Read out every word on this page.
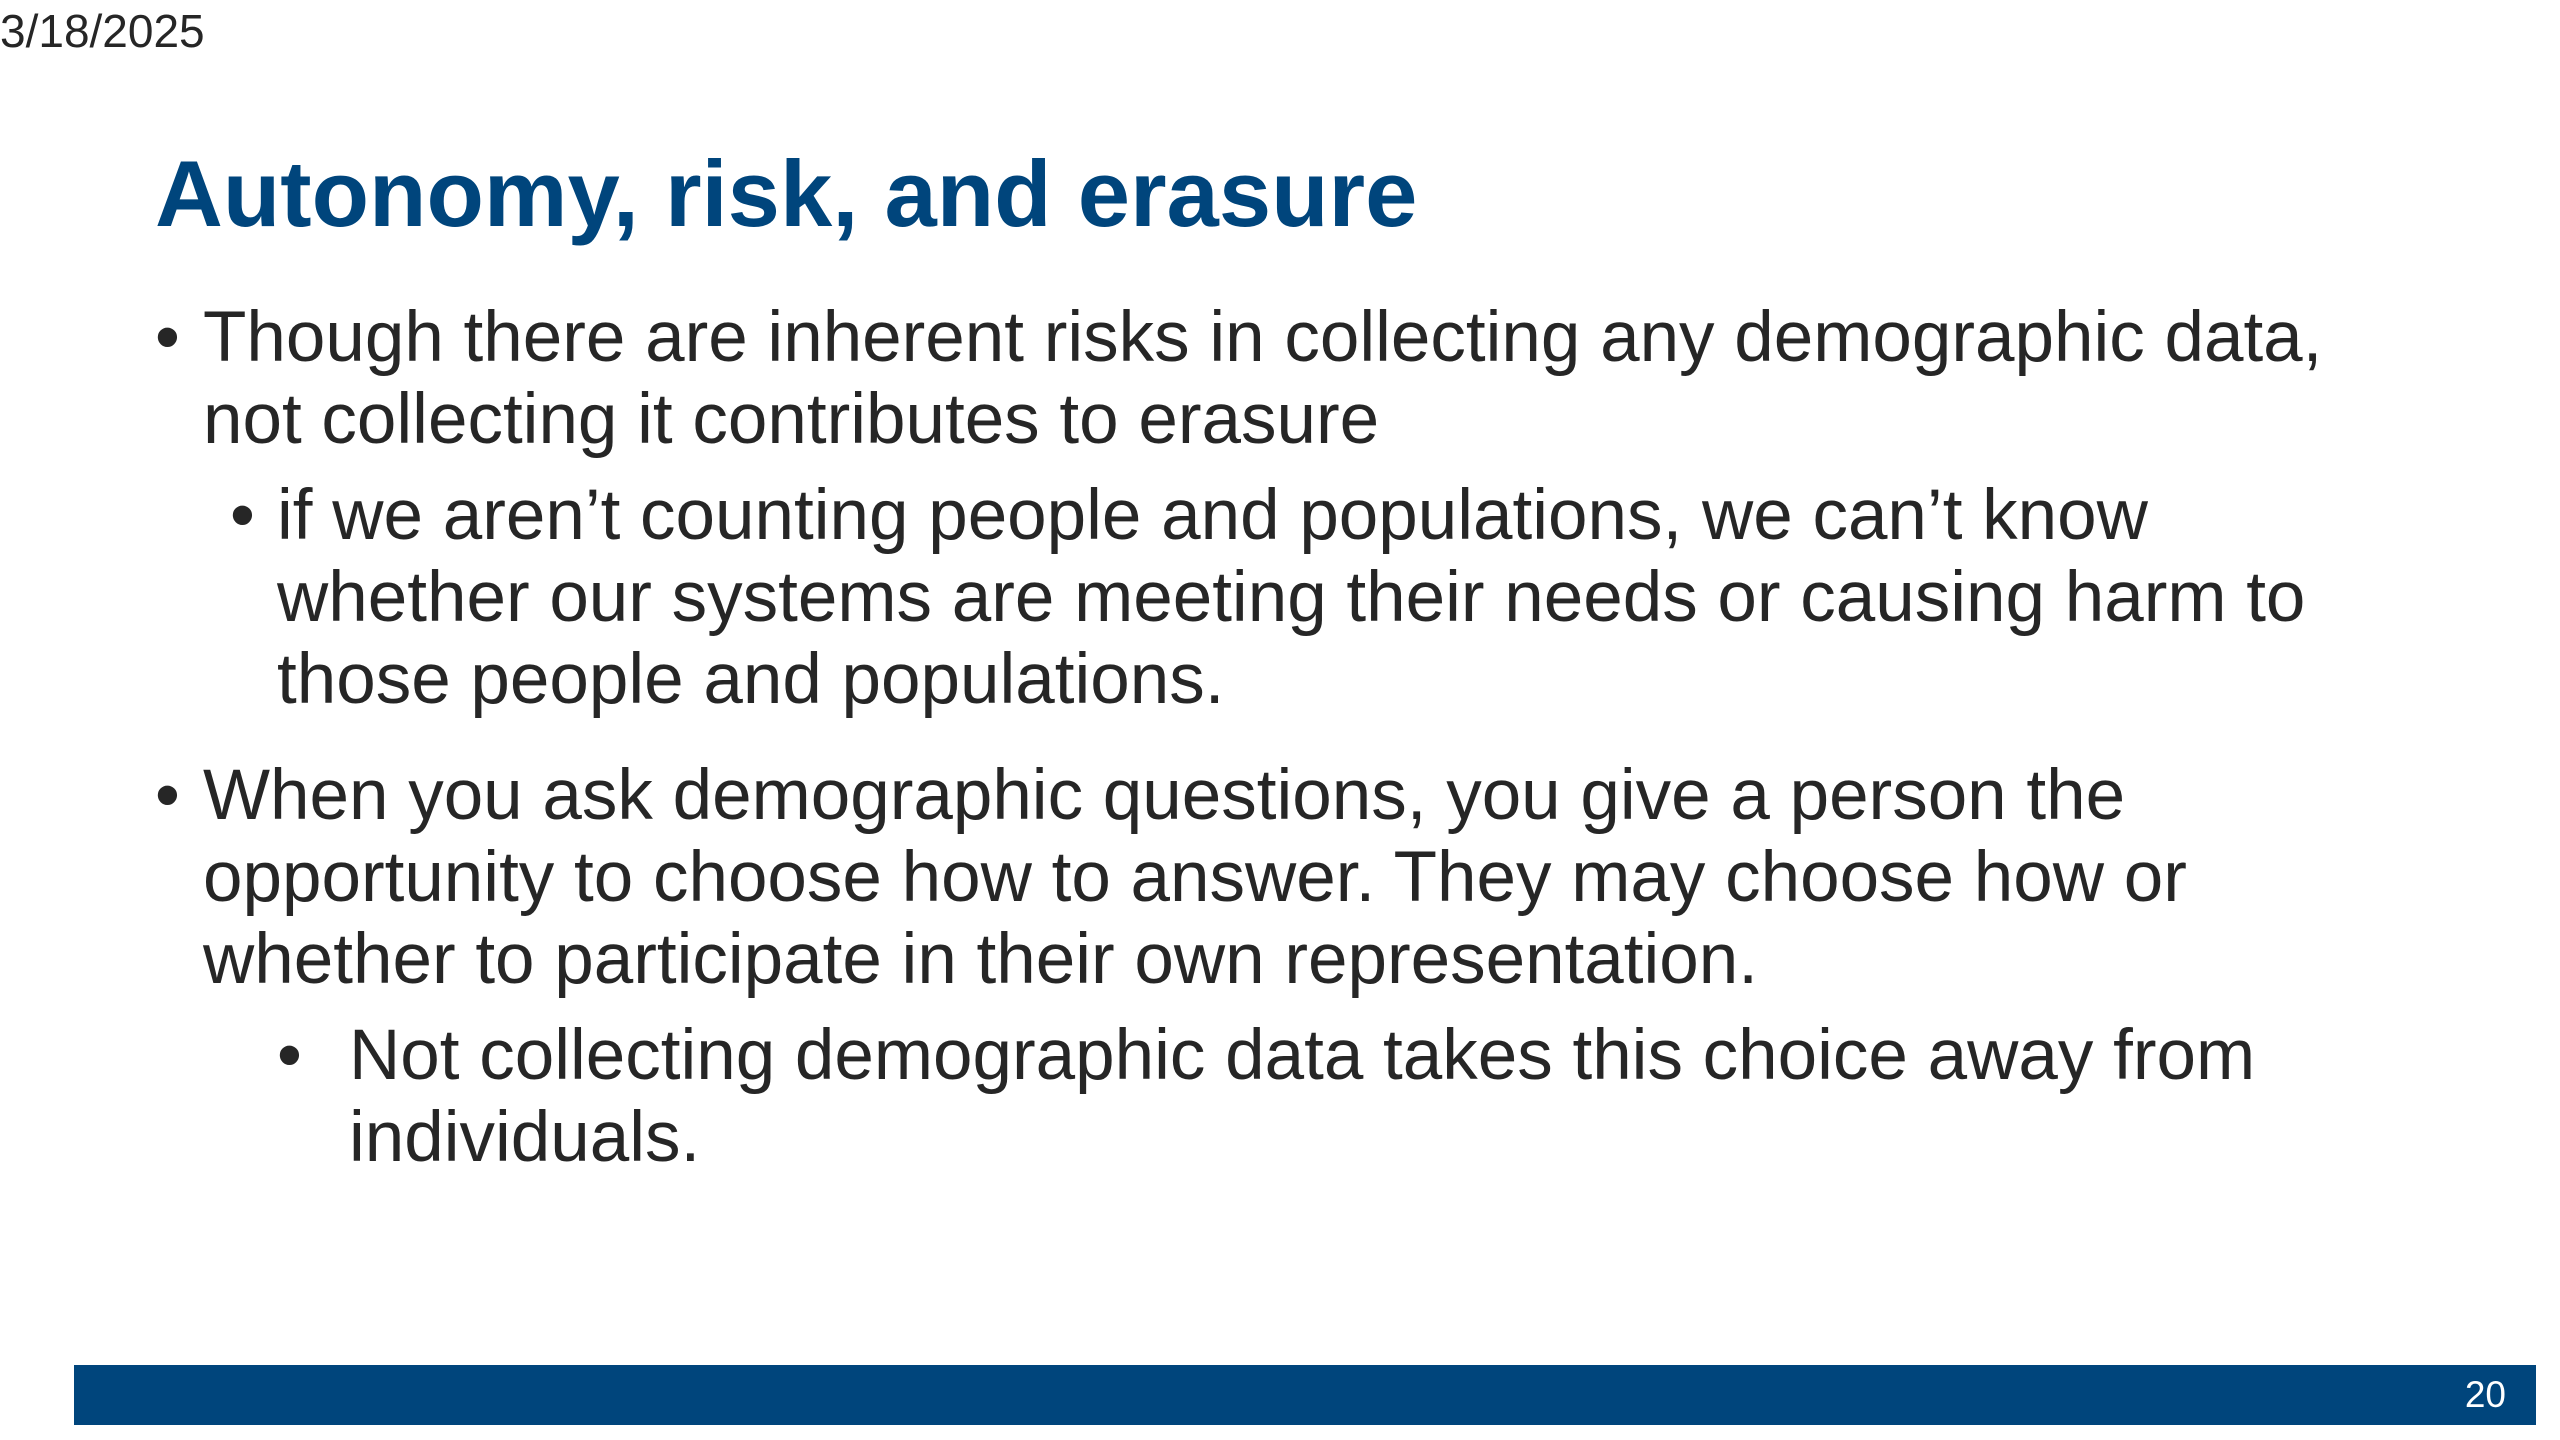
3/18/2025
Autonomy, risk, and erasure
• Though there are inherent risks in collecting any demographic data, not collecting it contributes to erasure
• if we aren’t counting people and populations, we can’t know whether our systems are meeting their needs or causing harm to those people and populations.
• When you ask demographic questions, you give a person the opportunity to choose how to answer. They may choose how or whether to participate in their own representation.
• Not collecting demographic data takes this choice away from individuals.
20
